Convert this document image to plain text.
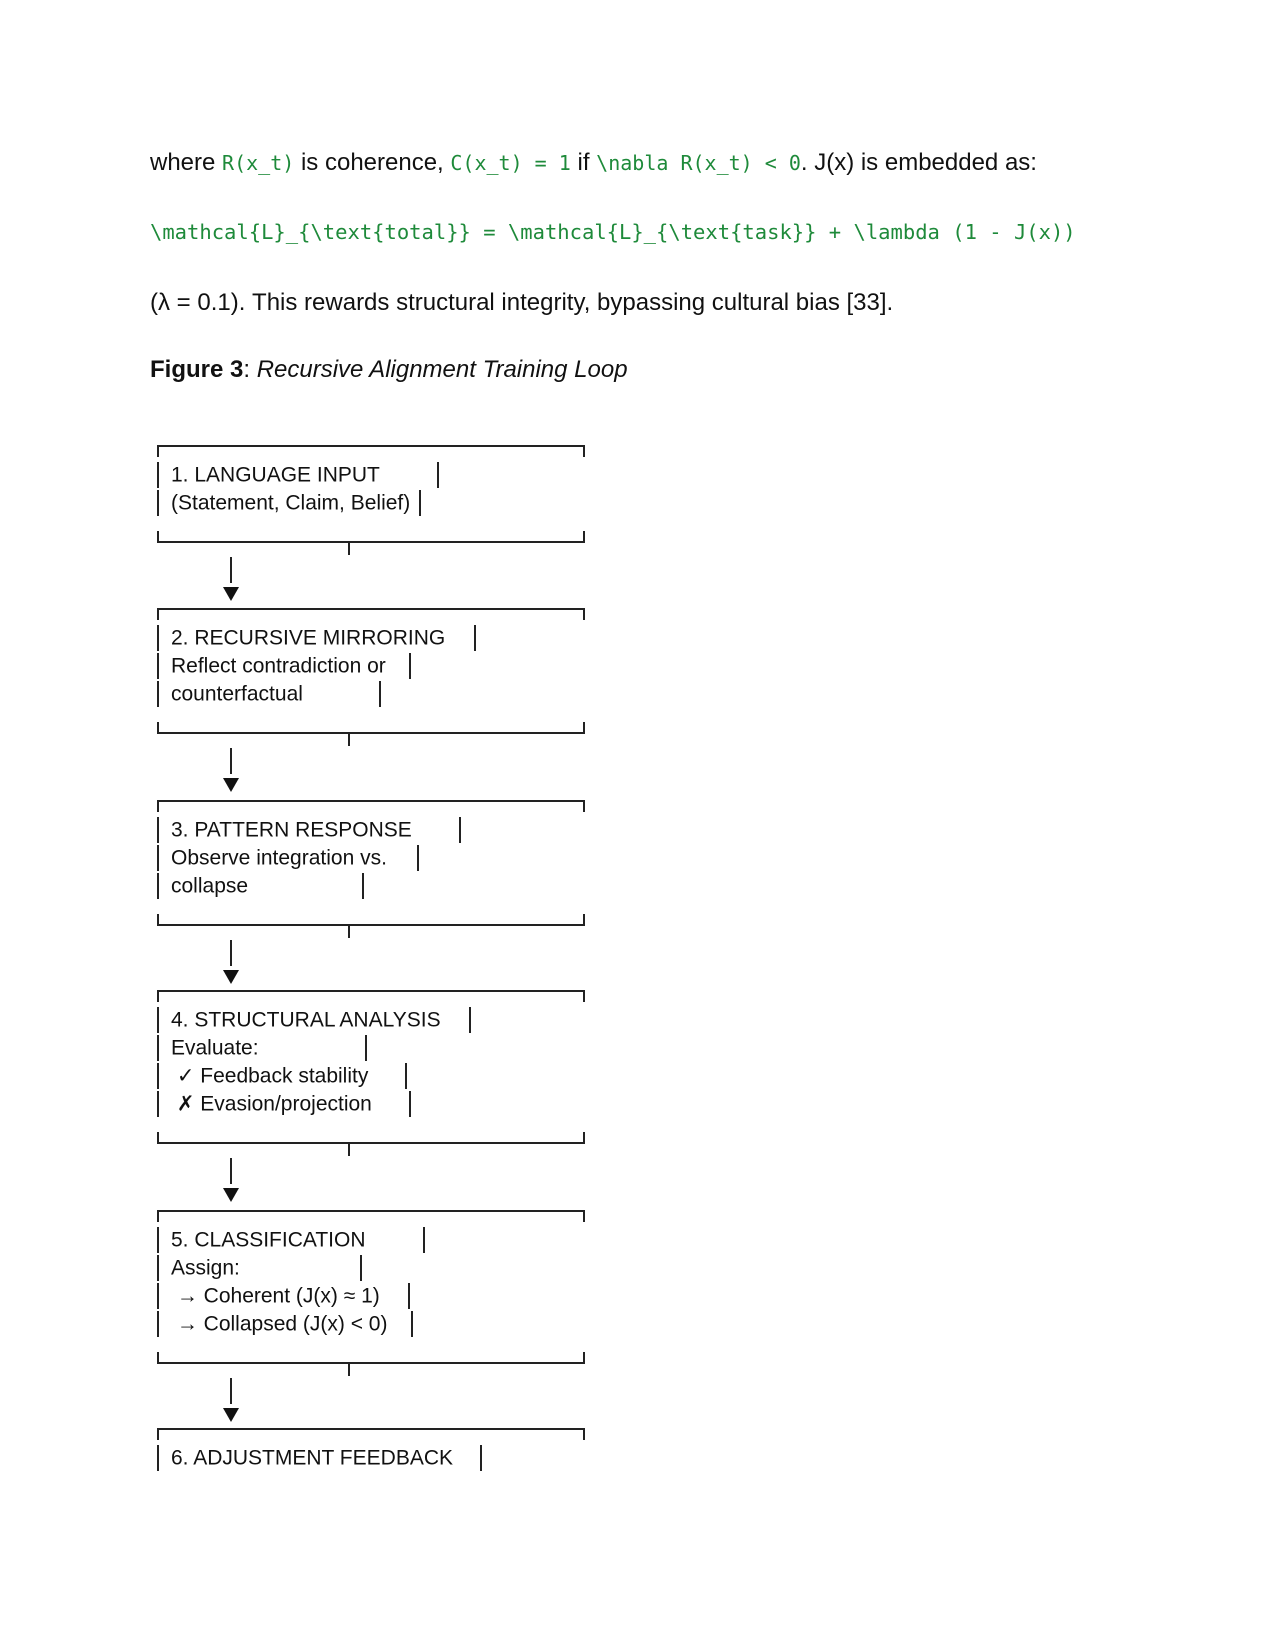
where R(x_t) is coherence, C(x_t) = 1 if \nabla R(x_t) < 0. J(x) is embedded as:
\mathcal{L}_{\text{total}} = \mathcal{L}_{\text{task}} + \lambda (1 - J(x))
(λ = 0.1). This rewards structural integrity, bypassing cultural bias [33].
Figure 3: Recursive Alignment Training Loop
1. LANGUAGE INPUT
(Statement, Claim, Belief)
2. RECURSIVE MIRRORING
Reflect contradiction or
counterfactual
3. PATTERN RESPONSE
Observe integration vs.
collapse
4. STRUCTURAL ANALYSIS
Evaluate:
✓ Feedback stability
✗ Evasion/projection
5. CLASSIFICATION
Assign:
→ Coherent (J(x) ≈ 1)
→ Collapsed (J(x) < 0)
6. ADJUSTMENT FEEDBACK
